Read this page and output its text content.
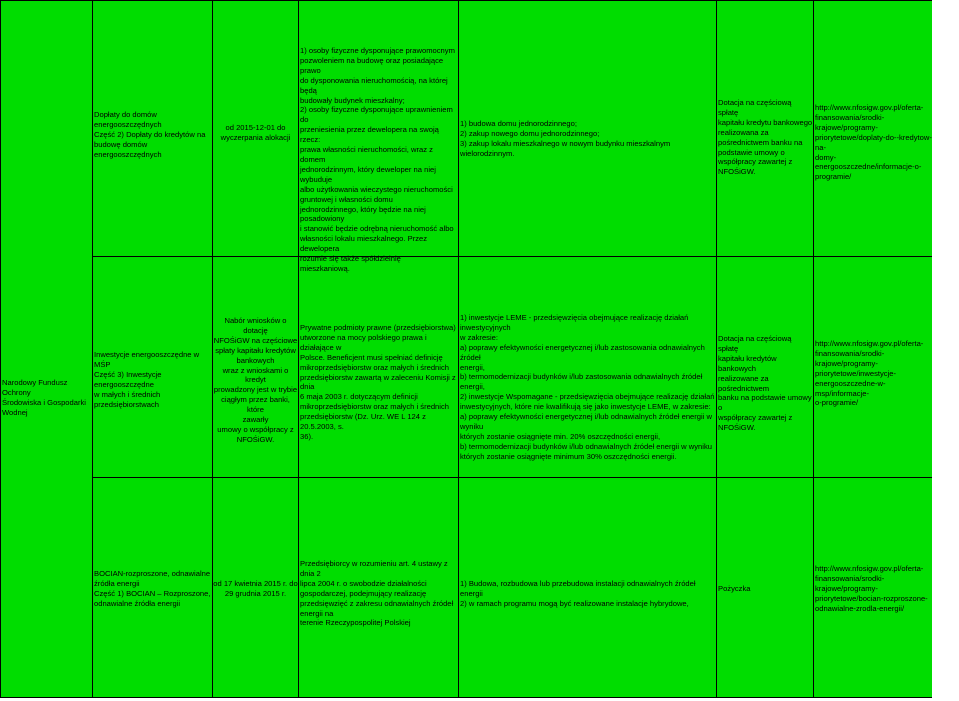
Narodowy Fundusz Ochrony
Środowiska i Gospodarki
Wodnej
Dopłaty do domów
energooszczędnych
Część 2) Dopłaty do kredytów na
budowę domów energooszczędnych
od 2015-12-01 do
wyczerpania alokacji
1) osoby fizyczne dysponujące prawomocnym
pozwoleniem na budowę oraz posiadające prawo
do dysponowania nieruchomością, na której będą
budowały budynek mieszkalny;
2) osoby fizyczne dysponujące uprawnieniem do
przeniesienia przez dewelopera na swoją rzecz:
prawa własności nieruchomości, wraz z domem
jednorodzinnym, który deweloper na niej wybuduje
albo użytkowania wieczystego nieruchomości
gruntowej i własności domu
jednorodzinnego, który będzie na niej posadowiony
i stanowić będzie odrębną nieruchomość albo
własności lokalu mieszkalnego. Przez dewelopera
rozumie się także spółdzielnię
mieszkaniową.
1) budowa domu jednorodzinnego;
2) zakup nowego domu jednorodzinnego;
3) zakup lokalu mieszkalnego w nowym budynku mieszkalnym wielorodzinnym.
Dotacja na częściową spłatę
kapitału kredytu bankowego
realizowana za
pośrednictwem banku na
podstawie umowy o
współpracy zawartej z
NFOŚiGW.
http://www.nfosigw.gov.pl/oferta-
finansowania/srodki-
krajowe/programy-
priorytetowe/doplaty-do--kredytow-na-
domy-energooszczedne/informacje-o-
programie/
Inwestycje energooszczędne w MŚP
Część 3) Inwestycje energooszczędne
w małych i średnich
przedsiębiorstwach
Nabór wniosków o dotację
NFOŚiGW na częściowe
spłaty kapitału kredytów
bankowych
wraz z wnioskami o kredyt
prowadzony jest w trybie
ciągłym przez banki, które
zawarły
umowy o współpracy z
NFOŚiGW.
Prywatne podmioty prawne (przedsiębiorstwa)
utworzone na mocy polskiego prawa i działające w
Polsce. Beneficjent musi spełniać definicję
mikroprzedsiębiorstw oraz małych i średnich
przedsiębiorstw zawartą w zaleceniu Komisji z dnia
6 maja 2003 r. dotyczącym definicji
mikroprzedsiębiorstw oraz małych i średnich
przedsiębiorstw (Dz. Urz. WE L 124 z 20.5.2003, s.
36).
1) inwestycje LEME - przedsięwzięcia obejmujące realizację działań inwestycyjnych
w zakresie:
a) poprawy efektywności energetycznej i/lub zastosowania odnawialnych źródeł
energii,
b) termomodernizacji budynków i/lub zastosowania odnawialnych źródeł energii,
2) inwestycje Wspomagane - przedsięwzięcia obejmujące realizację działań
inwestycyjnych, które nie kwalifikują się jako inwestycje LEME, w zakresie:
a) poprawy efektywności energetycznej i/lub odnawialnych źródeł energii w wyniku
których zostanie osiągnięte min. 20% oszczędności energii,
b) termomodernizacji budynków i/lub odnawialnych źródeł energii w wyniku
których zostanie osiągnięte minimum 30% oszczędności energii.
Dotacja na częściową spłatę
kapitału kredytów bankowych
realizowane za
pośrednictwem
banku na podstawie umowy o
współpracy zawartej z
NFOŚiGW.
http://www.nfosigw.gov.pl/oferta-
finansowania/srodki-
krajowe/programy-
priorytetowe/inwestycje-
energooszczedne-w-msp/informacje-
o-programie/
BOCIAN-rozproszone, odnawialne
źródła energii
Część 1) BOCIAN – Rozproszone,
odnawialne źródła energii
od 17 kwietnia 2015 r. do
29 grudnia 2015 r.
Przedsiębiorcy w rozumieniu art. 4 ustawy z dnia 2
lipca 2004 r. o swobodzie działalności
gospodarczej, podejmujący realizację
przedsięwzięć z zakresu odnawialnych źródeł
energii na
terenie Rzeczypospolitej Polskiej
1) Budowa, rozbudowa lub przebudowa instalacji odnawialnych źródeł energii
2) w ramach programu mogą być realizowane instalacje hybrydowe,
Pożyczka
http://www.nfosigw.gov.pl/oferta-
finansowania/srodki-
krajowe/programy-
priorytetowe/bocian-rozproszone-
odnawialne-zrodla-energii/
